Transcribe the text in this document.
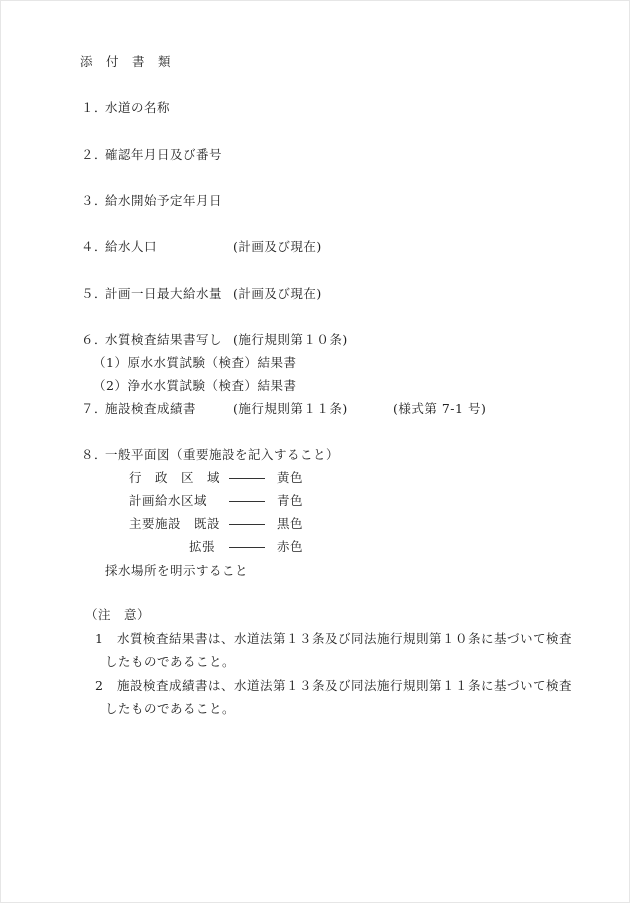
添　付　書　類
１．
水道の名称
２．
確認年月日及び番号
３．
給水開始予定年月日
４．
給水人口	(計画及び現在)
５．
計画一日最大給水量 (計画及び現在)
６．
水質検査結果書写し (施行規則第１０条)
（1）原水水質試験（検査）結果書
（2）浄水水質試験（検査）結果書
７．
施設検査成績書	(施行規則第１１条)	(様式第 7-1 号)
８．
一般平面図（重要施設を記入すること）
行　政　区　域	黄色
計画給水区域	青色
主要施設　既設	黒色
拡張	赤色
採水場所を明示すること
（注　意）
1 水質検査結果書は、水道法第１３条及び同法施行規則第１０条に基づいて検査
したものであること。
2 施設検査成績書は、水道法第１３条及び同法施行規則第１１条に基づいて検査
したものであること。
